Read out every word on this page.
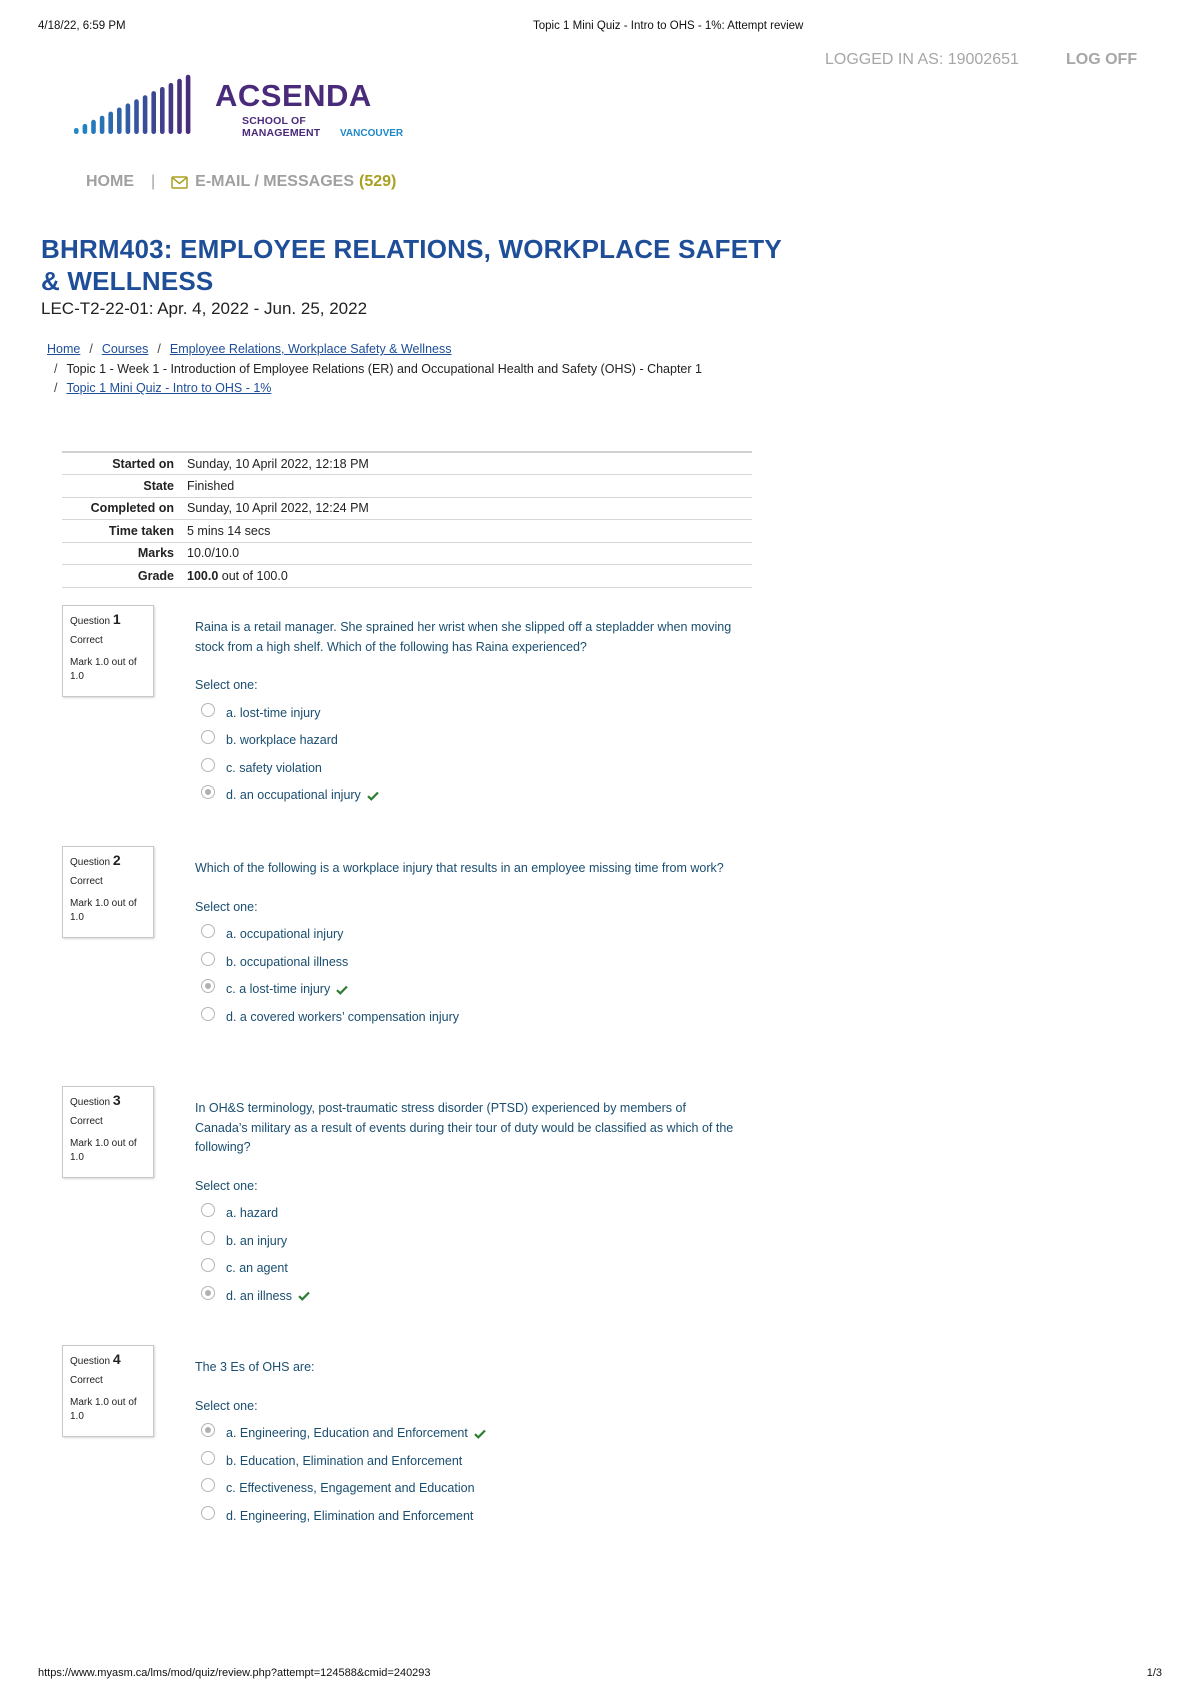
4/18/22, 6:59 PM	Topic 1 Mini Quiz - Intro to OHS - 1%: Attempt review
LOGGED IN AS: 19002651	LOG OFF
ACSENDA
SCHOOL OF MANAGEMENT	VANCOUVER
HOME |	E-MAIL / MESSAGES (529)
BHRM403: EMPLOYEE RELATIONS, WORKPLACE SAFETY & WELLNESS
LEC-T2-22-01: Apr. 4, 2022 - Jun. 25, 2022
Home / Courses / Employee Relations, Workplace Safety & Wellness
/ Topic 1 - Week 1 - Introduction of Employee Relations (ER) and Occupational Health and Safety (OHS) - Chapter 1
/ Topic 1 Mini Quiz - Intro to OHS - 1%
Started on	Sunday, 10 April 2022, 12:18 PM
State	Finished
Completed on	Sunday, 10 April 2022, 12:24 PM
Time taken	5 mins 14 secs
Marks	10.0/10.0
Grade	100.0 out of 100.0
Question 1
Correct
Mark 1.0 out of 1.0
Raina is a retail manager. She sprained her wrist when she slipped off a stepladder when moving stock from a high shelf. Which of the following has Raina experienced?
Select one:
a. lost-time injury
b. workplace hazard
c. safety violation
d. an occupational injury
Question 2
Correct
Mark 1.0 out of 1.0
Which of the following is a workplace injury that results in an employee missing time from work?
Select one:
a. occupational injury
b. occupational illness
c. a lost-time injury
d. a covered workers’ compensation injury
Question 3
Correct
Mark 1.0 out of 1.0
In OH&S terminology, post-traumatic stress disorder (PTSD) experienced by members of Canada’s military as a result of events during their tour of duty would be classified as which of the following?
Select one:
a. hazard
b. an injury
c. an agent
d. an illness
Question 4
Correct
Mark 1.0 out of 1.0
The 3 Es of OHS are:
Select one:
a. Engineering, Education and Enforcement
b. Education, Elimination and Enforcement
c. Effectiveness, Engagement and Education
d. Engineering, Elimination and Enforcement
https://www.myasm.ca/lms/mod/quiz/review.php?attempt=124588&cmid=240293	1/3
